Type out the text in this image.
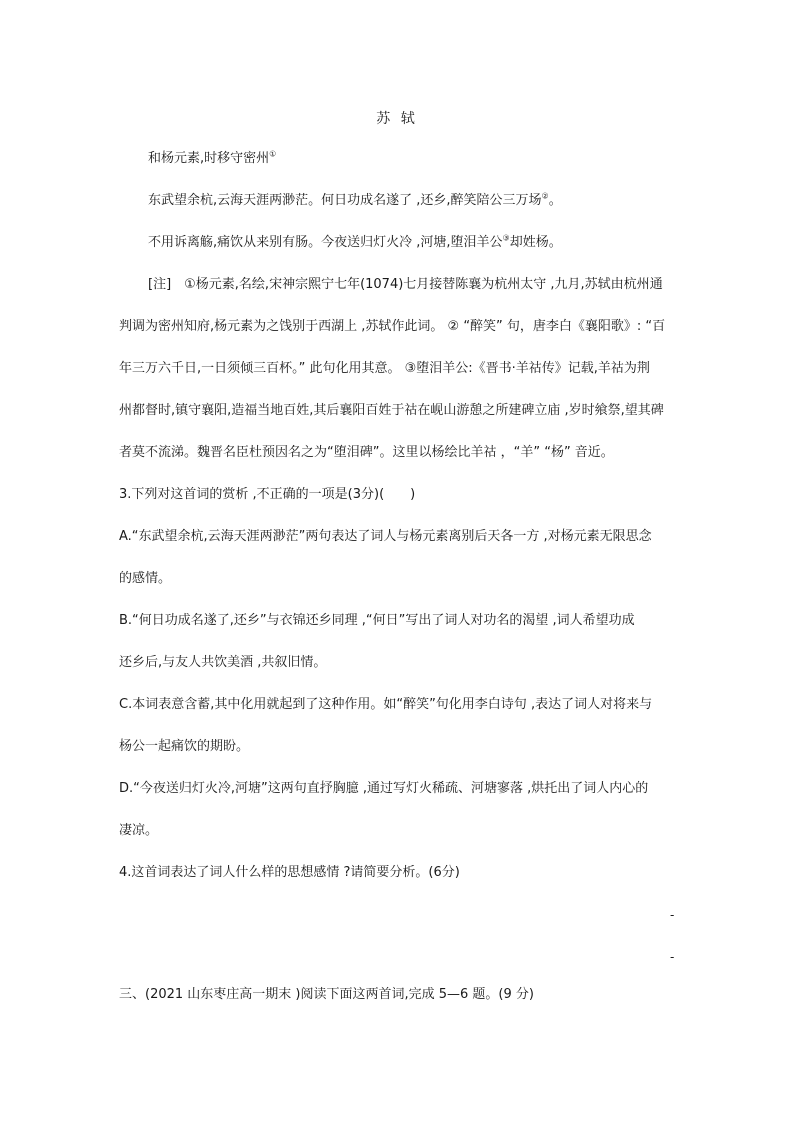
苏 轼
和杨元素,时移守密州①
东武望余杭,云海天涯两渺茫。何日功成名遂了 ,还乡,醉笑陪公三万场②。
不用诉离觞,痛饮从来别有肠。今夜送归灯火冷 ,河塘,堕泪羊公③却姓杨。
[注]　①杨元素,名绘,宋神宗熙宁七年(1074)七月接替陈襄为杭州太守 ,九月,苏轼由杭州通
判调为密州知府,杨元素为之饯别于西湖上 ,苏轼作此词。 ② “醉笑” 句，唐李白《襄阳歌》: “百
年三万六千日,一日须倾三百杯。” 此句化用其意。 ③堕泪羊公:《晋书·羊祜传》记载,羊祜为荆
州都督时,镇守襄阳,造福当地百姓,其后襄阳百姓于祜在岘山游憩之所建碑立庙 ,岁时飨祭,望其碑
者莫不流涕。魏晋名臣杜预因名之为“堕泪碑”。这里以杨绘比羊祜 ，“羊” “杨” 音近。
3.下列对这首词的赏析 ,不正确的一项是(3分)(　　)
A.“东武望余杭,云海天涯两渺茫”两句表达了词人与杨元素离别后天各一方 ,对杨元素无限思念
的感情。
B.“何日功成名遂了,还乡”与衣锦还乡同理 ,“何日”写出了词人对功名的渴望 ,词人希望功成
还乡后,与友人共饮美酒 ,共叙旧情。
C.本词表意含蓄,其中化用就起到了这种作用。如“醉笑”句化用李白诗句 ,表达了词人对将来与
杨公一起痛饮的期盼。
D.“今夜送归灯火冷,河塘”这两句直抒胸臆 ,通过写灯火稀疏、河塘寥落 ,烘托出了词人内心的
凄凉。
4.这首词表达了词人什么样的思想感情 ?请简要分析。(6分)
-
-
三、(2021 山东枣庄高一期末 )阅读下面这两首词,完成 5—6 题。(9 分)
